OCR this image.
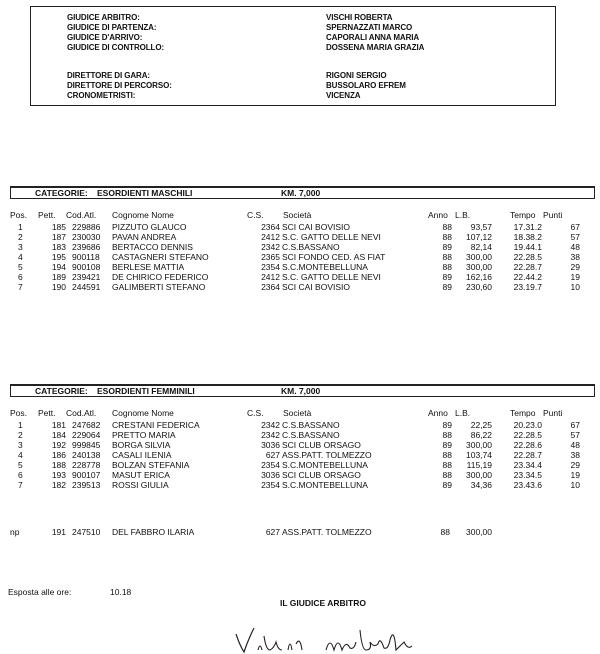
GIUDICE ARBITRO:	VISCHI ROBERTA
GIUDICE DI PARTENZA:	SPERNAZZATI MARCO
GIUDICE D'ARRIVO:	CAPORALI ANNA MARIA
GIUDICE DI CONTROLLO:	DOSSENA MARIA GRAZIA
DIRETTORE DI GARA:	RIGONI SERGIO
DIRETTORE DI PERCORSO:	BUSSOLARO EFREM
CRONOMETRISTI:	VICENZA
CATEGORIE: ESORDIENTI MASCHILI	KM. 7,000
Pos. Pett. Cod.Atl. Cognome Nome	C.S. Società	Anno L.B.	Tempo Punti
1	185 229886 PIZZUTO GLAUCO	2364 SCI CAI BOVISIO	88	93,57	17.31.2	67
2	187 230030 PAVAN ANDREA	2412 S.C. GATTO DELLE NEVI	88	107,12	18.38.2	57
3	183 239686 BERTACCO DENNIS	2342 C.S.BASSANO	89	82,14	19.44.1	48
4	195 900118 CASTAGNERI STEFANO	2365 SCI FONDO CED. AS FIAT	88	300,00	22.28.5	38
5	194 900108 BERLESE MATTIA	2354 S.C.MONTEBELLUNA	88	300,00	22.28.7	29
6	189 239421 DE CHIRICO FEDERICO	2412 S.C. GATTO DELLE NEVI	89	162,16	22.44.2	19
7	190 244591 GALIMBERTI STEFANO	2364 SCI CAI BOVISIO	89	230,60	23.19.7	10
CATEGORIE: ESORDIENTI FEMMINILI	KM. 7,000
Pos. Pett. Cod.Atl. Cognome Nome	C.S. Società	Anno L.B.	Tempo Punti
1	181 247682 CRESTANI FEDERICA	2342 C.S.BASSANO	89	22,25	20.23.0	67
2	184 229064 PRETTO MARIA	2342 C.S.BASSANO	88	86,22	22.28.5	57
3	192 999845 BORGA SILVIA	3036 SCI CLUB ORSAGO	89	300,00	22.28.6	48
4	186 240138 CASALI ILENIA	627 ASS.PATT. TOLMEZZO	88	103,74	22.28.7	38
5	188 228778 BOLZAN STEFANIA	2354 S.C.MONTEBELLUNA	88	115,19	23.34.4	29
6	193 900107 MASUT ERICA	3036 SCI CLUB ORSAGO	88	300,00	23.34.5	19
7	182 239513 ROSSI GIULIA	2354 S.C.MONTEBELLUNA	89	34,36	23.43.6	10
np	191 247510 DEL FABBRO ILARIA	627 ASS.PATT. TOLMEZZO	88	300,00
Esposta alle ore:	10.18
IL GIUDICE ARBITRO
